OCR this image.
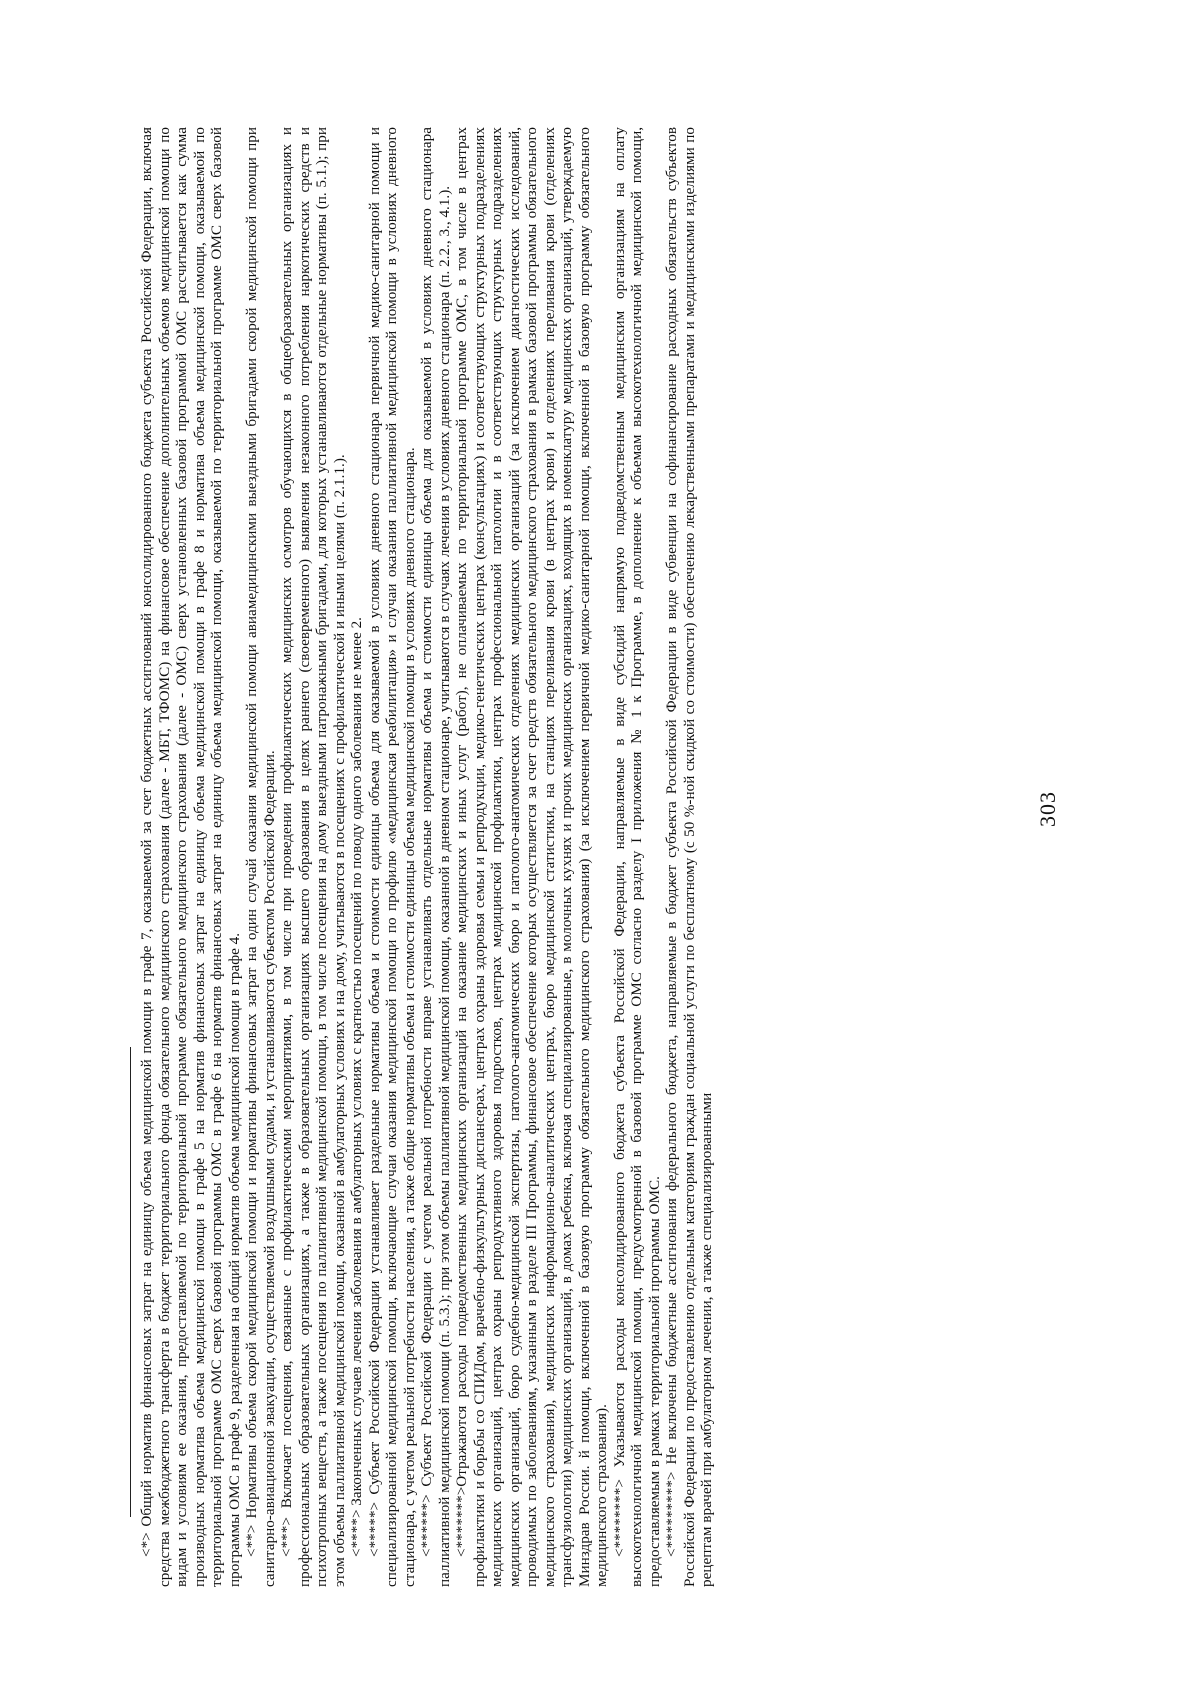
<*> Общий норматив финансовых затрат на единицу объема медицинской помощи в графе 7, оказываемой за счет бюджетных ассигнований консолидированного бюджета субъекта Российской Федерации, включая средства межбюджетного трансферта в бюджет территориального фонда обязательного медицинского страхования (далее - МБТ, ТФОМС) на финансовое обеспечение дополнительных объемов медицинской помощи по видам и условиям ее оказания, предоставляемой по территориальной программе обязательного медицинского страхования (далее - ОМС) сверх установленных базовой программой ОМС рассчитывается как сумма производных норматива объема медицинской помощи в графе 5 на норматив финансовых затрат на единицу объема медицинской помощи в графе 8 и норматива объема медицинской помощи, оказываемой по территориальной программе ОМС сверх базовой программы ОМС в графе 6 на норматив финансовых затрат на единицу объема медицинской помощи, оказываемой по территориальной программе ОМС сверх базовой программы ОМС в графе 9, разделенная на общий норматив объема медицинской помощи в графе 4. <**> Нормативы объема скорой медицинской помощи и нормативы финансовых затрат на один случай оказания медицинской помощи авиамедицинскими выездными бригадами скорой медицинской помощи при санитарно-авиационной эвакуации, осуществляемой воздушными судами, и устанавливаются субъектом Российской Федерации. <***> Включает посещения, связанные с профилактическими мероприятиями, в том числе при проведении профилактических медицинских осмотров обучающихся в общеобразовательных организациях и профессиональных образовательных организациях, а также в образовательных организациях высшего образования в целях раннего (своевременного) выявления незаконного потребления наркотических средств и психотропных веществ, а также посещения по паллиативной медицинской помощи, в том числе посещения на дому выездными патронажными бригадами, для которых устанавливаются отдельные нормативы (п. 5.1.); при этом объемы паллиативной медицинской помощи, оказанной в амбулаторных условиях и на дому, учитываются в посещениях с профилактической и иными целями (п. 2.1.1.). <****> Законченных случаев лечения заболевания в амбулаторных условиях с кратностью посещений по поводу одного заболевания не менее 2.

<*****> Субъект Российской Федерации устанавливает раздельные нормативы объема и стоимости единицы объема для оказываемой в условиях дневного стационара первичной медико-санитарной помощи и специализированной медицинской помощи, включающие случаи оказания медицинской помощи по профилю «медицинская реабилитация» и случаи оказания паллиативной медицинской помощи в условиях дневного стационара, с учетом реальной потребности населения, а также общие нормативы объема и стоимости единицы объема медицинской помощи в условиях дневного стационара. <******> Субъект Российской Федерации с учетом реальной потребности вправе устанавливать отдельные нормативы объема и стоимости единицы объема для оказываемой в условиях дневного стационара паллиативной медицинской помощи (п. 5.3.); при этом объемы паллиативной медицинской помощи, оказанной в дневном стационаре, учитываются в случаях лечения в условиях дневного стационара (п. 2.2., 3., 4.1.). <*******>Отражаются расходы подведомственных медицинских организаций на оказание медицинских и иных услуг (работ), не оплачиваемых по территориальной программе ОМС, в том числе в центрах профилактики и борьбы со СПИДом, врачебно-физкультурных диспансерах, центрах охраны здоровья семьи и репродукции, медико-генетических центрах (консультациях) и соответствующих структурных подразделениях медицинских организаций, центрах охраны репродуктивного здоровья подростков, центрах медицинской профилактики, центрах профессиональной патологии и в соответствующих структурных подразделениях медицинских организаций, бюро судебно-медицинской экспертизы, патолого-анатомических бюро и патолого-анатомических отделениях медицинских организаций (за исключением диагностических исследований, проводимых по заболеваниям, указанным в разделе III Программы, финансовое обеспечение которых осуществляется за счет средств обязательного медицинского страхования в рамках базовой программы обязательного медицинского страхования), медицинских информационно-аналитических центрах, бюро медицинской статистики, на станциях переливания крови (в центрах крови) и отделениях переливания крови (отделениях трансфузиологии) медицинских организаций, в домах ребенка, включая специализированные, в молочных кухнях и прочих медицинских организациях, входящих в номенклатуру медицинских организаций, утверждаемую Минздрав России. й помощи, включенной в базовую программу обязательного медицинского страхования) (за исключением первичной медико-санитарной помощи, включенной в базовую программу обязательного медицинского страхования). <********> Указываются расходы консолидированного бюджета субъекта Российской Федерации, направляемые в виде субсидий напрямую подведомственным медицинским организациям на оплату высокотехнологичной медицинской помощи, предусмотренной в базовой программе ОМС согласно разделу I приложения № 1 к Программе, в дополнение к объемам высокотехнологичной медицинской помощи, предоставляемым в рамках территориальной программы ОМС. <*********> Не включены бюджетные ассигнования федерального бюджета, направляемые в бюджет субъекта Российской Федерации в виде субвенции на софинансирование расходных обязательств субъектов Российской Федерации по предоставлению отдельным категориям граждан социальной услуги по бесплатному (с 50 %-ной скидкой со стоимости) обеспечению лекарственными препаратами и медицинскими изделиями по рецептам врачей при амбулаторном лечении, а также специализированными

303
